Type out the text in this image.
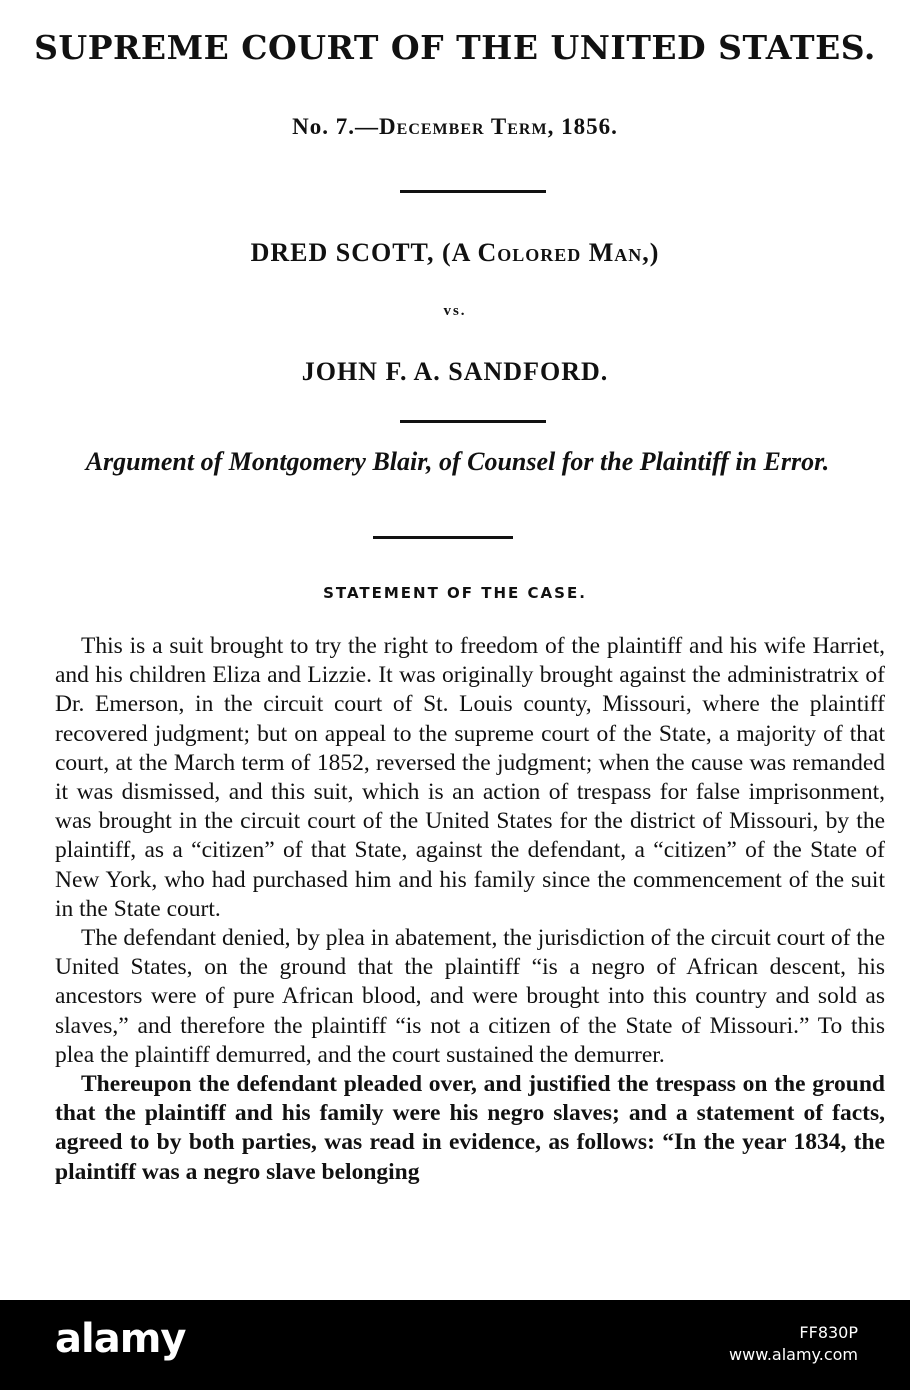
SUPREME COURT OF THE UNITED STATES.
No. 7.—December Term, 1856.
DRED SCOTT, (A Colored Man,)
vs.
JOHN F. A. SANDFORD.
Argument of Montgomery Blair, of Counsel for the Plaintiff in Error.
STATEMENT OF THE CASE.

This is a suit brought to try the right to freedom of the plaintiff and his wife Harriet, and his children Eliza and Lizzie. It was originally brought against the administratrix of Dr. Emerson, in the circuit court of St. Louis county, Missouri, where the plaintiff recovered judgment; but on appeal to the supreme court of the State, a majority of that court, at the March term of 1852, reversed the judgment; when the cause was remanded it was dismissed, and this suit, which is an action of trespass for false imprisonment, was brought in the circuit court of the United States for the district of Missouri, by the plaintiff, as a “citizen” of that State, against the defendant, a “citizen” of the State of New York, who had purchased him and his family since the commencement of the suit in the State court.

The defendant denied, by plea in abatement, the jurisdiction of the circuit court of the United States, on the ground that the plaintiff “is a negro of African descent, his ancestors were of pure African blood, and were brought into this country and sold as slaves,” and therefore the plaintiff “is not a citizen of the State of Missouri.” To this plea the plaintiff demurred, and the court sustained the demurrer.

Thereupon the defendant pleaded over, and justified the trespass on the ground that the plaintiff and his family were his negro slaves; and a statement of facts, agreed to by both parties, was read in evidence, as follows: “In the year 1834, the plaintiff was a negro slave belonging

alamy	FF830P
www.alamy.com
